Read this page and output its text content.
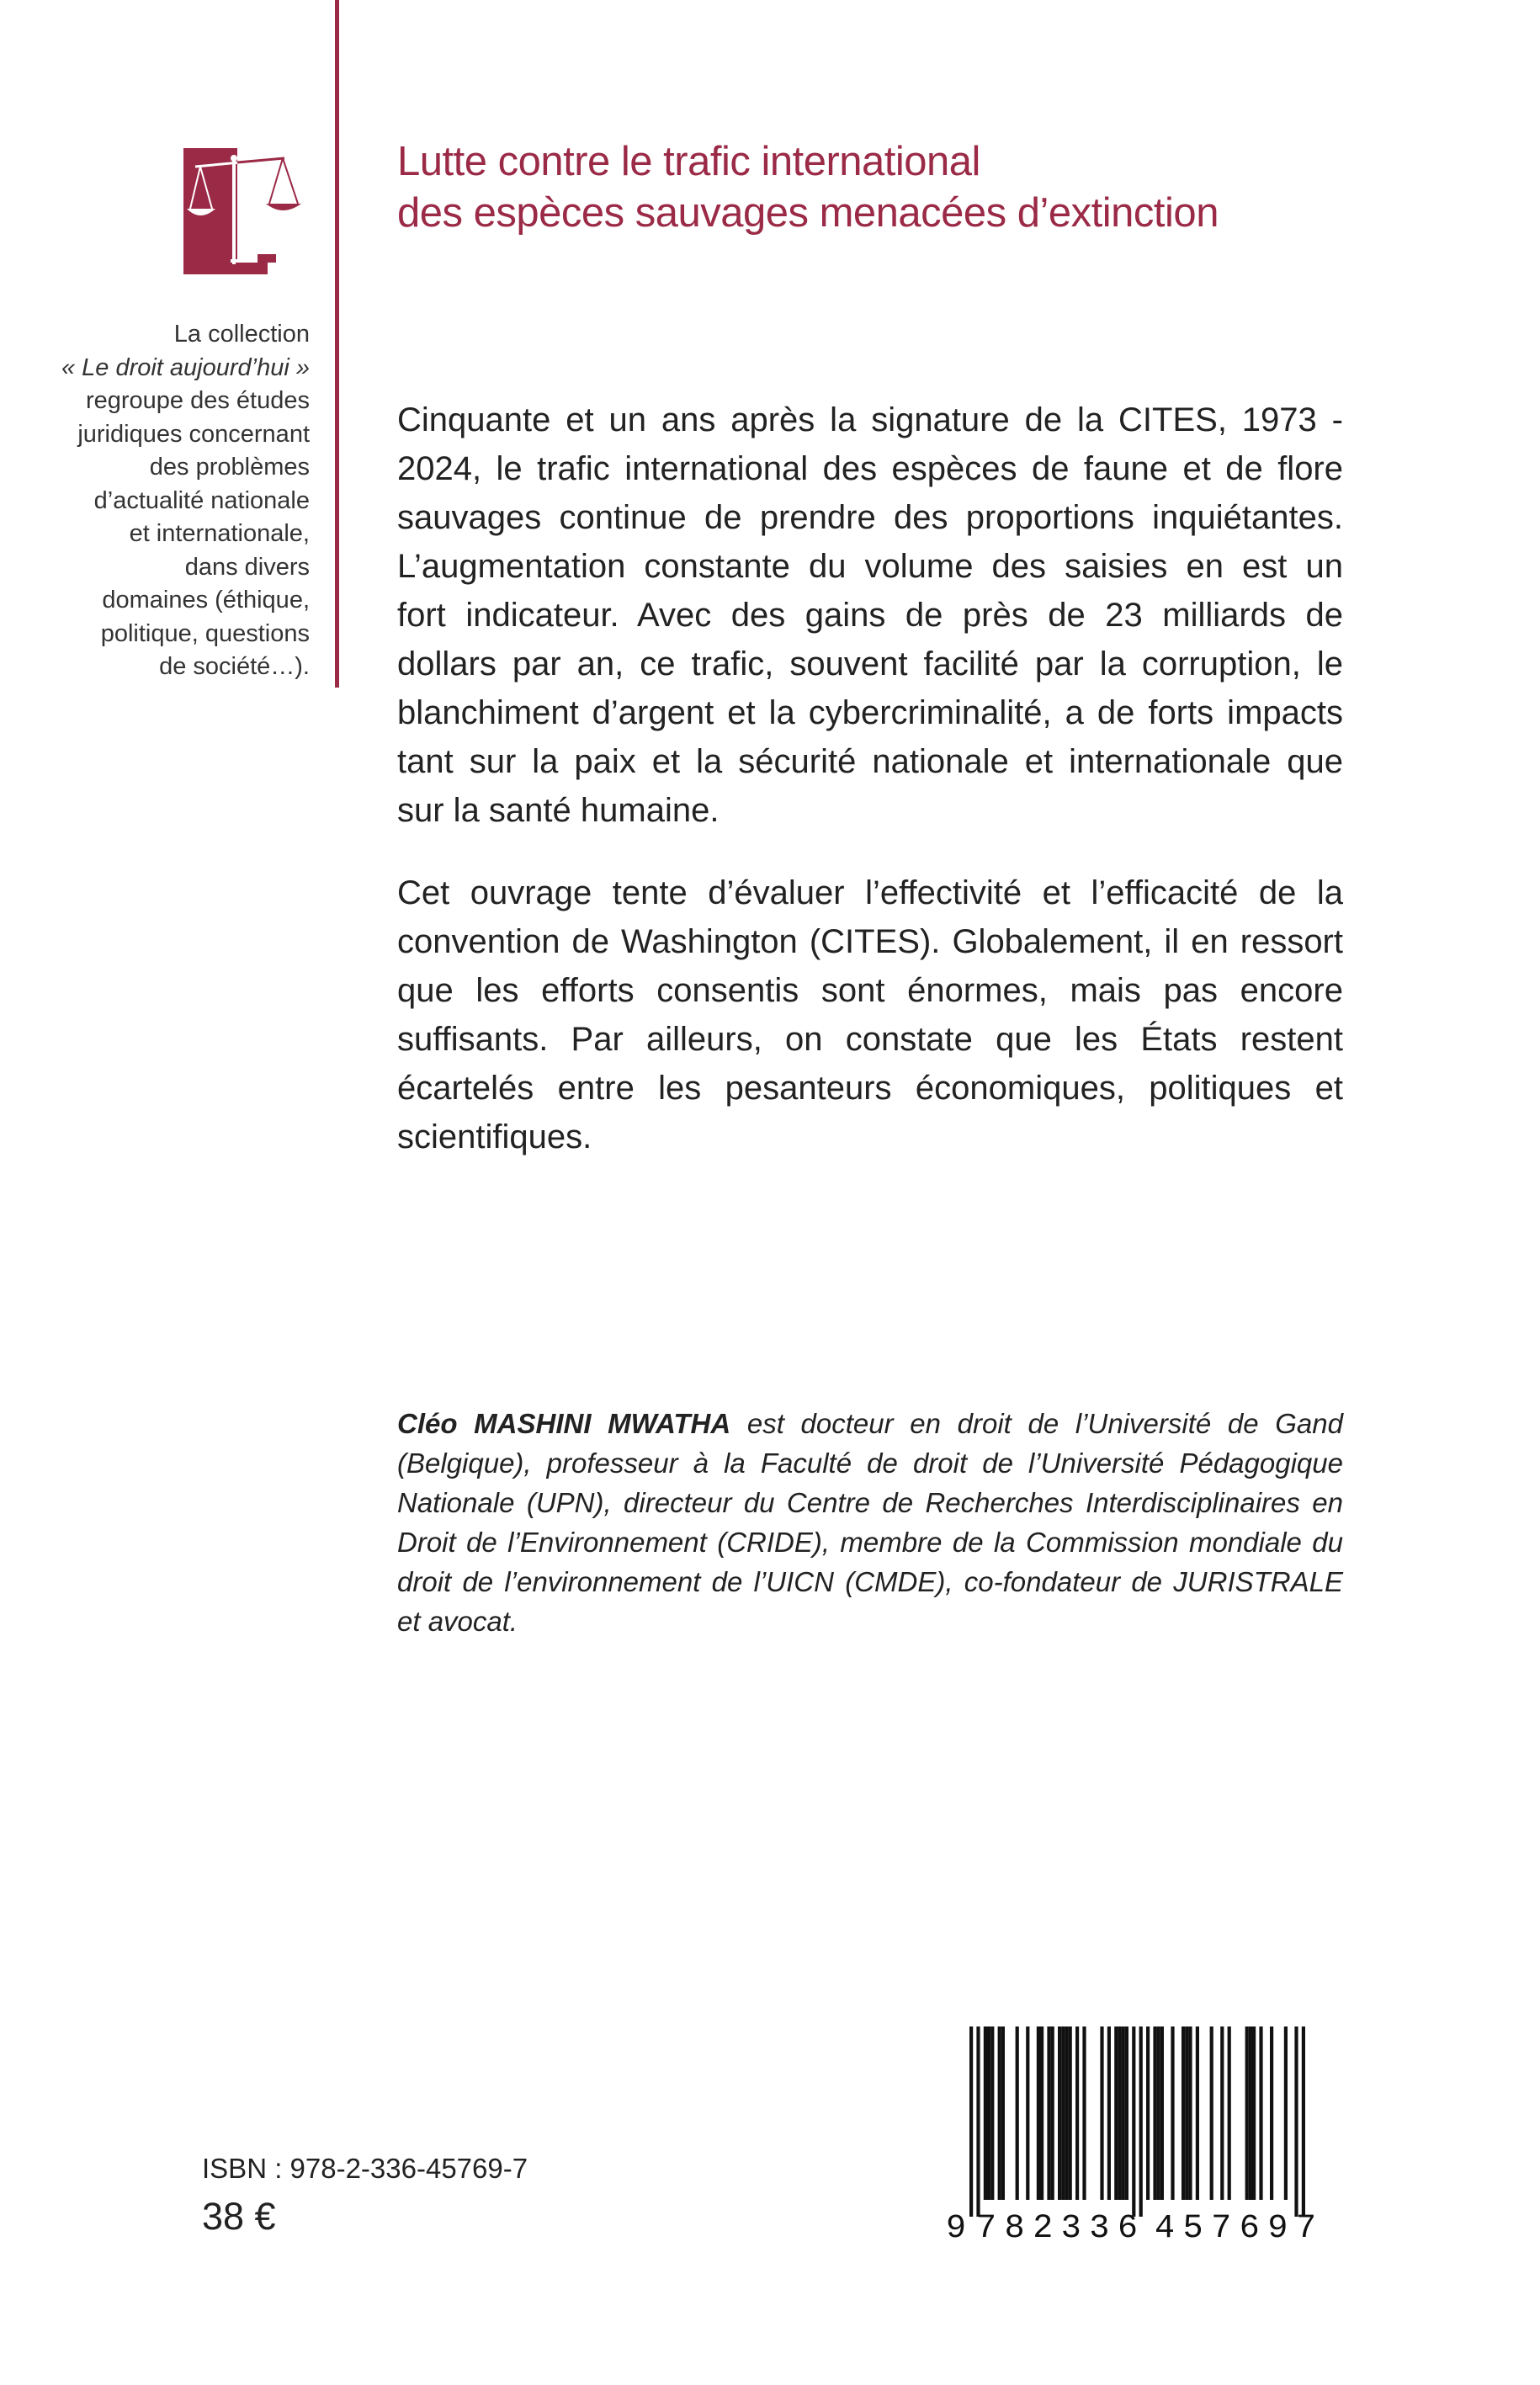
Lutte contre le trafic international
des espèces sauvages menacées d’extinction
La collection
« Le droit aujourd’hui »
regroupe des études
juridiques concernant
des problèmes
d’actualité nationale
et internationale,
dans divers
domaines (éthique,
politique, questions
de société…).
Cinquante et un ans après la signature de la CITES, 1973 -
2024, le trafic international des espèces de faune et de flore
sauvages continue de prendre des proportions inquiétantes.
L’augmentation constante du volume des saisies en est un
fort indicateur. Avec des gains de près de 23 milliards de
dollars par an, ce trafic, souvent facilité par la corruption, le
blanchiment d’argent et la cybercriminalité, a de forts impacts
tant sur la paix et la sécurité nationale et internationale que
sur la santé humaine.
Cet ouvrage tente d’évaluer l’effectivité et l’efficacité de la
convention de Washington (CITES). Globalement, il en ressort
que les efforts consentis sont énormes, mais pas encore
suffisants. Par ailleurs, on constate que les États restent
écartelés entre les pesanteurs économiques, politiques et
scientifiques.
Cléo MASHINI MWATHA est docteur en droit de l’Université de Gand
(Belgique), professeur à la Faculté de droit de l’Université Pédagogique
Nationale (UPN), directeur du Centre de Recherches Interdisciplinaires en
Droit de l’Environnement (CRIDE), membre de la Commission mondiale du
droit de l’environnement de l’UICN (CMDE), co-fondateur de JURISTRALE
et avocat.
ISBN : 978-2-336-45769-7
38 €	9 782336 457697
